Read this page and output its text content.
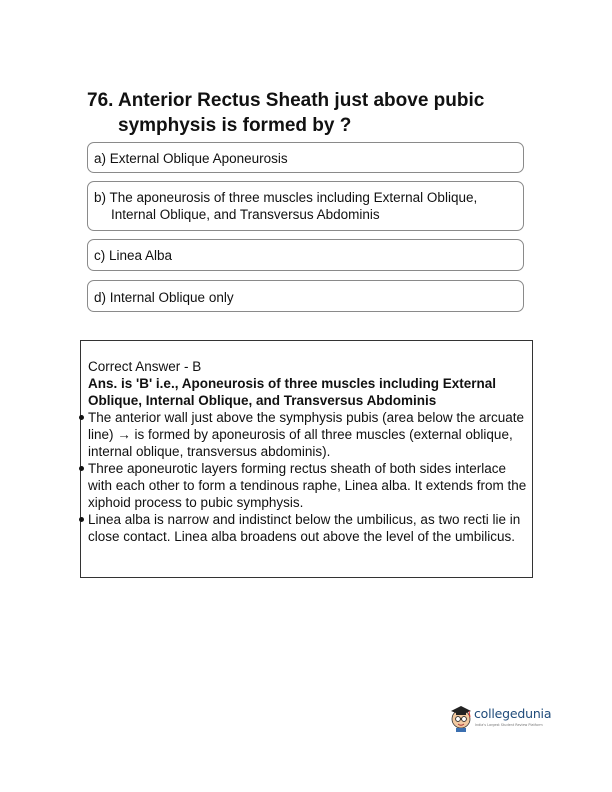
76. Anterior Rectus Sheath just above pubic
symphysis is formed by ?
a) External Oblique Aponeurosis
b) The aponeurosis of three muscles including External Oblique,
Internal Oblique, and Transversus Abdominis
c) Linea Alba
d) Internal Oblique only
Correct Answer - B
Ans. is 'B' i.e., Aponeurosis of three muscles including External Oblique, Internal Oblique, and Transversus Abdominis
The anterior wall just above the symphysis pubis (area below the arcuate line) → is formed by aponeurosis of all three muscles (external oblique, internal oblique, transversus abdominis).
Three aponeurotic layers forming rectus sheath of both sides interlace with each other to form a tendinous raphe, Linea alba. It extends from the xiphoid process to pubic symphysis.
Linea alba is narrow and indistinct below the umbilicus, as two recti lie in close contact. Linea alba broadens out above the level of the umbilicus.
collegedunia
India's Largest Student Review Platform
